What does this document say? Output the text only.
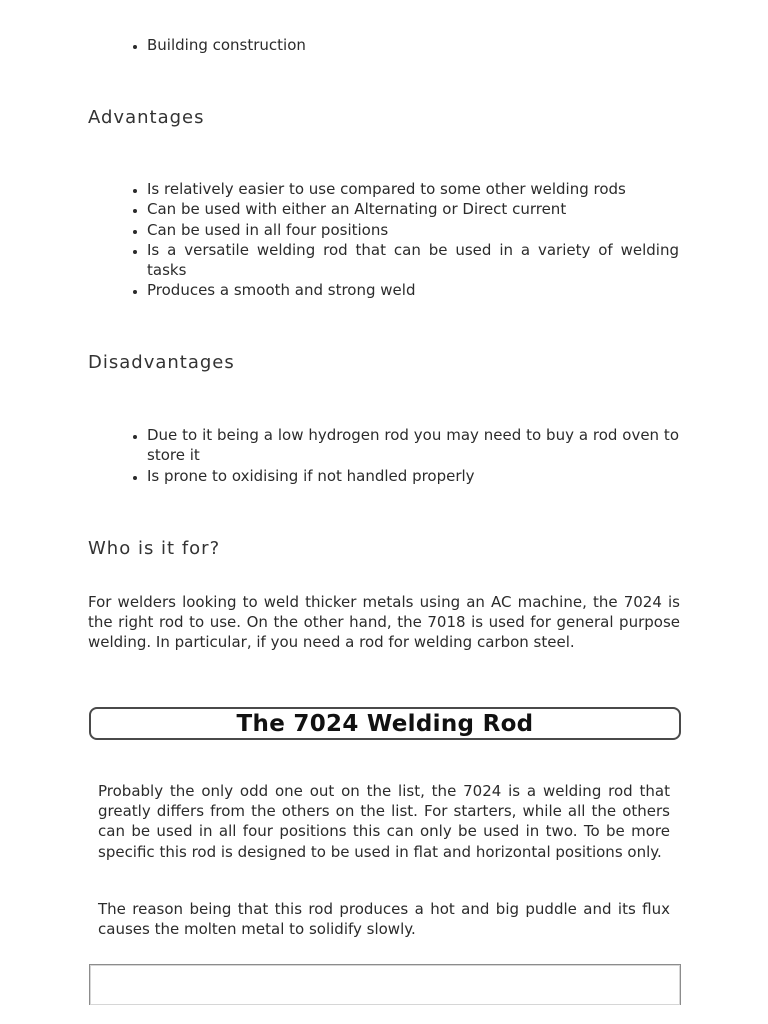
• Building construction
Advantages
• Is relatively easier to use compared to some other welding rods
• Can be used with either an Alternating or Direct current
• Can be used in all four positions
• Is a versatile welding rod that can be used in a variety of welding tasks
• Produces a smooth and strong weld
Disadvantages
• Due to it being a low hydrogen rod you may need to buy a rod oven to store it
• Is prone to oxidising if not handled properly
Who is it for?

For welders looking to weld thicker metals using an AC machine, the 7024 is the right rod to use. On the other hand, the 7018 is used for general purpose welding. In particular, if you need a rod for welding carbon steel.

The 7024 Welding Rod

Probably the only odd one out on the list, the 7024 is a welding rod that greatly differs from the others on the list. For starters, while all the others can be used in all four positions this can only be used in two. To be more specific this rod is designed to be used in flat and horizontal positions only.

The reason being that this rod produces a hot and big puddle and its flux causes the molten metal to solidify slowly.
